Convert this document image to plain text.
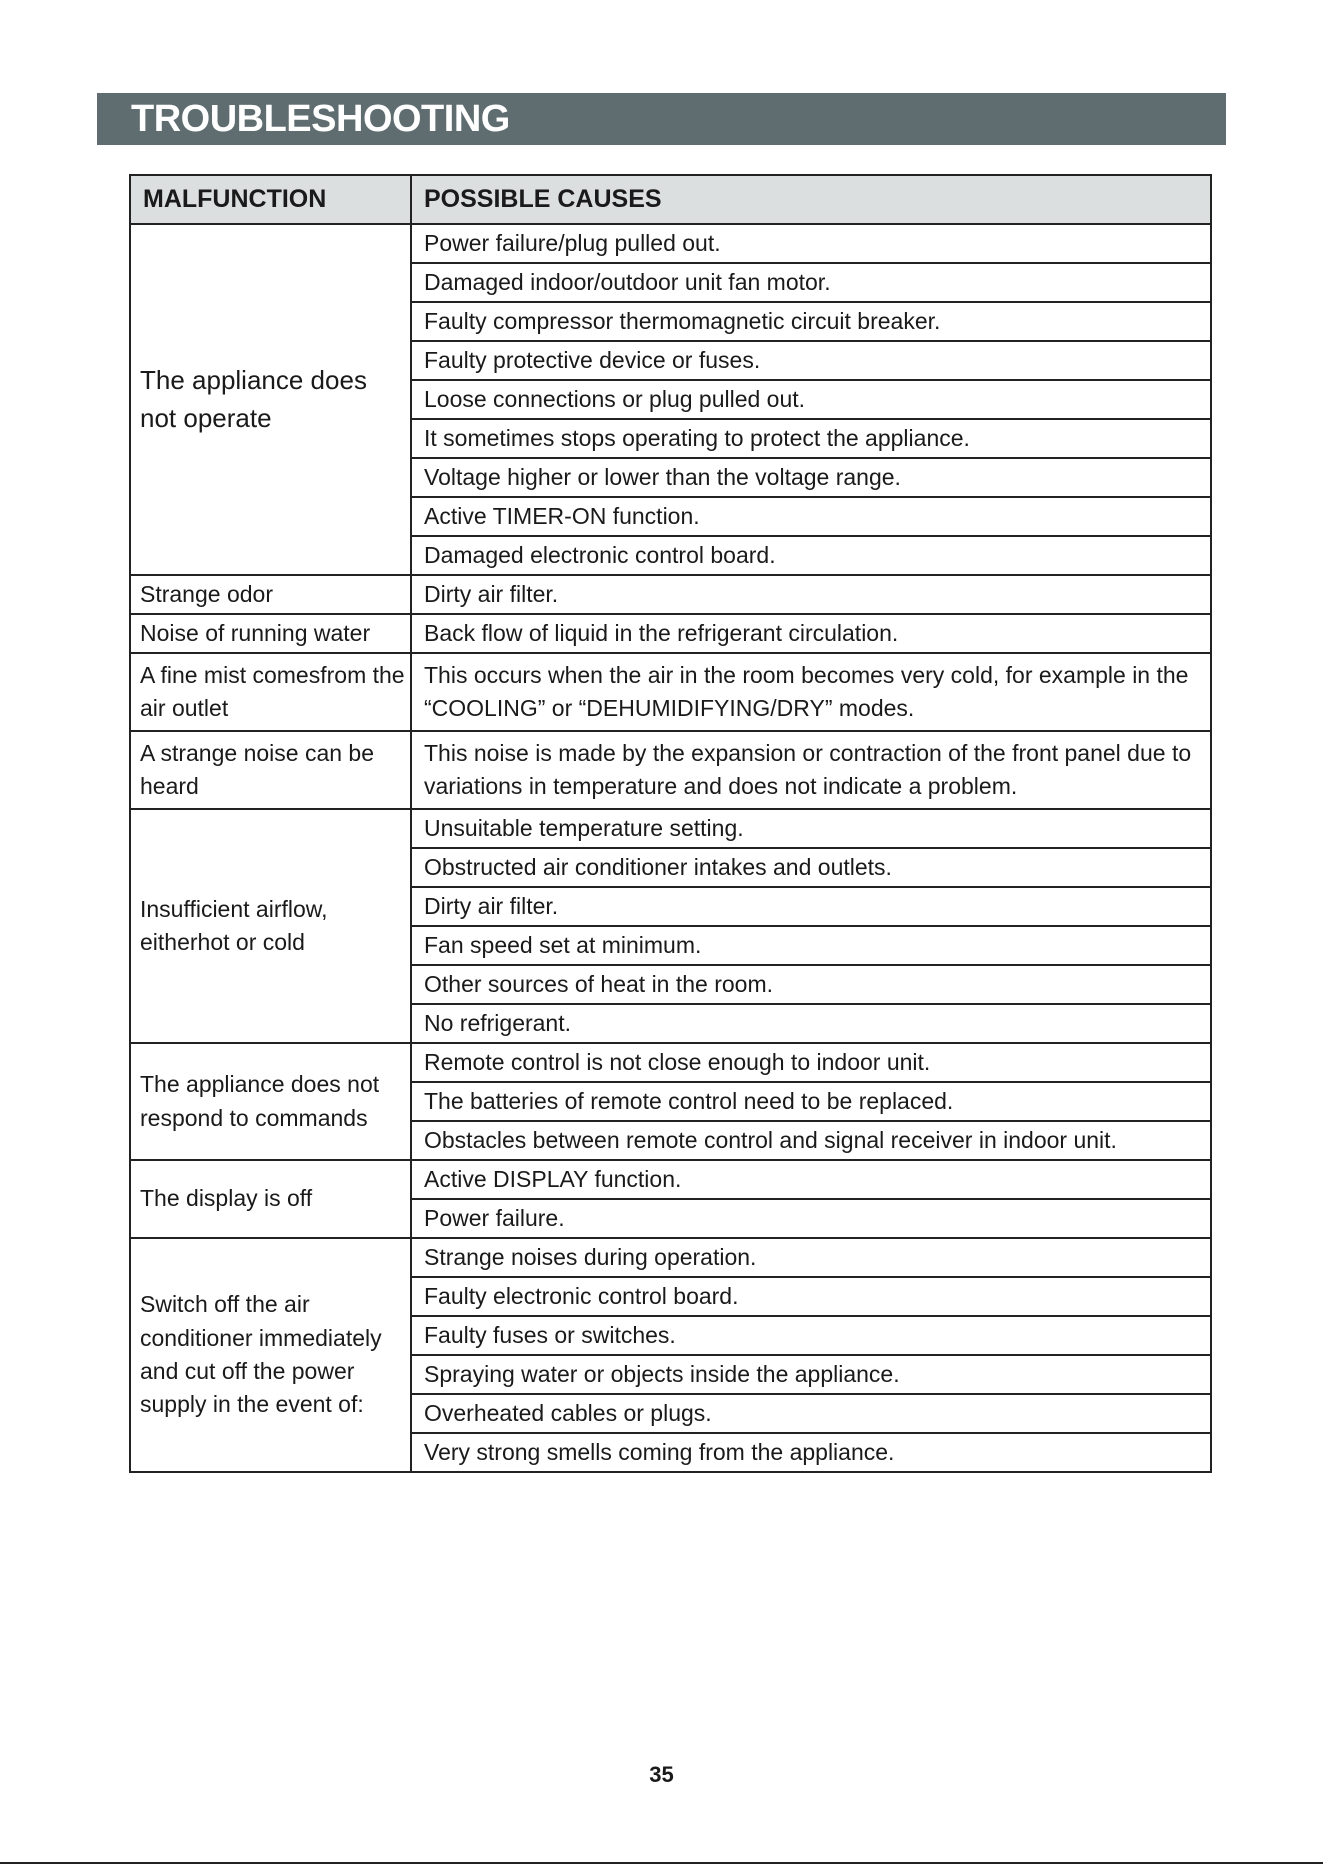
TROUBLESHOOTING
MALFUNCTION	POSSIBLE CAUSES
The appliance does not operate	Power failure/plug pulled out.
	Damaged indoor/outdoor unit fan motor.
	Faulty compressor thermomagnetic circuit breaker.
	Faulty protective device or fuses.
	Loose connections or plug pulled out.
	It sometimes stops operating to protect the appliance.
	Voltage higher or lower than the voltage range.
	Active TIMER-ON function.
	Damaged electronic control board.
Strange odor	Dirty air filter.
Noise of running water	Back flow of liquid in the refrigerant circulation.
A fine mist comesfrom the air outlet	This occurs when the air in the room becomes very cold, for example in the “COOLING” or “DEHUMIDIFYING/DRY” modes.
A strange noise can be heard	This noise is made by the expansion or contraction of the front panel due to variations in temperature and does not indicate a problem.
Insufficient airflow, eitherhot or cold	Unsuitable temperature setting.
	Obstructed air conditioner intakes and outlets.
	Dirty air filter.
	Fan speed set at minimum.
	Other sources of heat in the room.
	No refrigerant.
The appliance does not respond to commands	Remote control is not close enough to indoor unit.
	The batteries of remote control need to be replaced.
	Obstacles between remote control and signal receiver in indoor unit.
The display is off	Active DISPLAY function.
	Power failure.
Switch off the air conditioner immediately and cut off the power supply in the event of:	Strange noises during operation.
	Faulty electronic control board.
	Faulty fuses or switches.
	Spraying water or objects inside the appliance.
	Overheated cables or plugs.
	Very strong smells coming from the appliance.
35
